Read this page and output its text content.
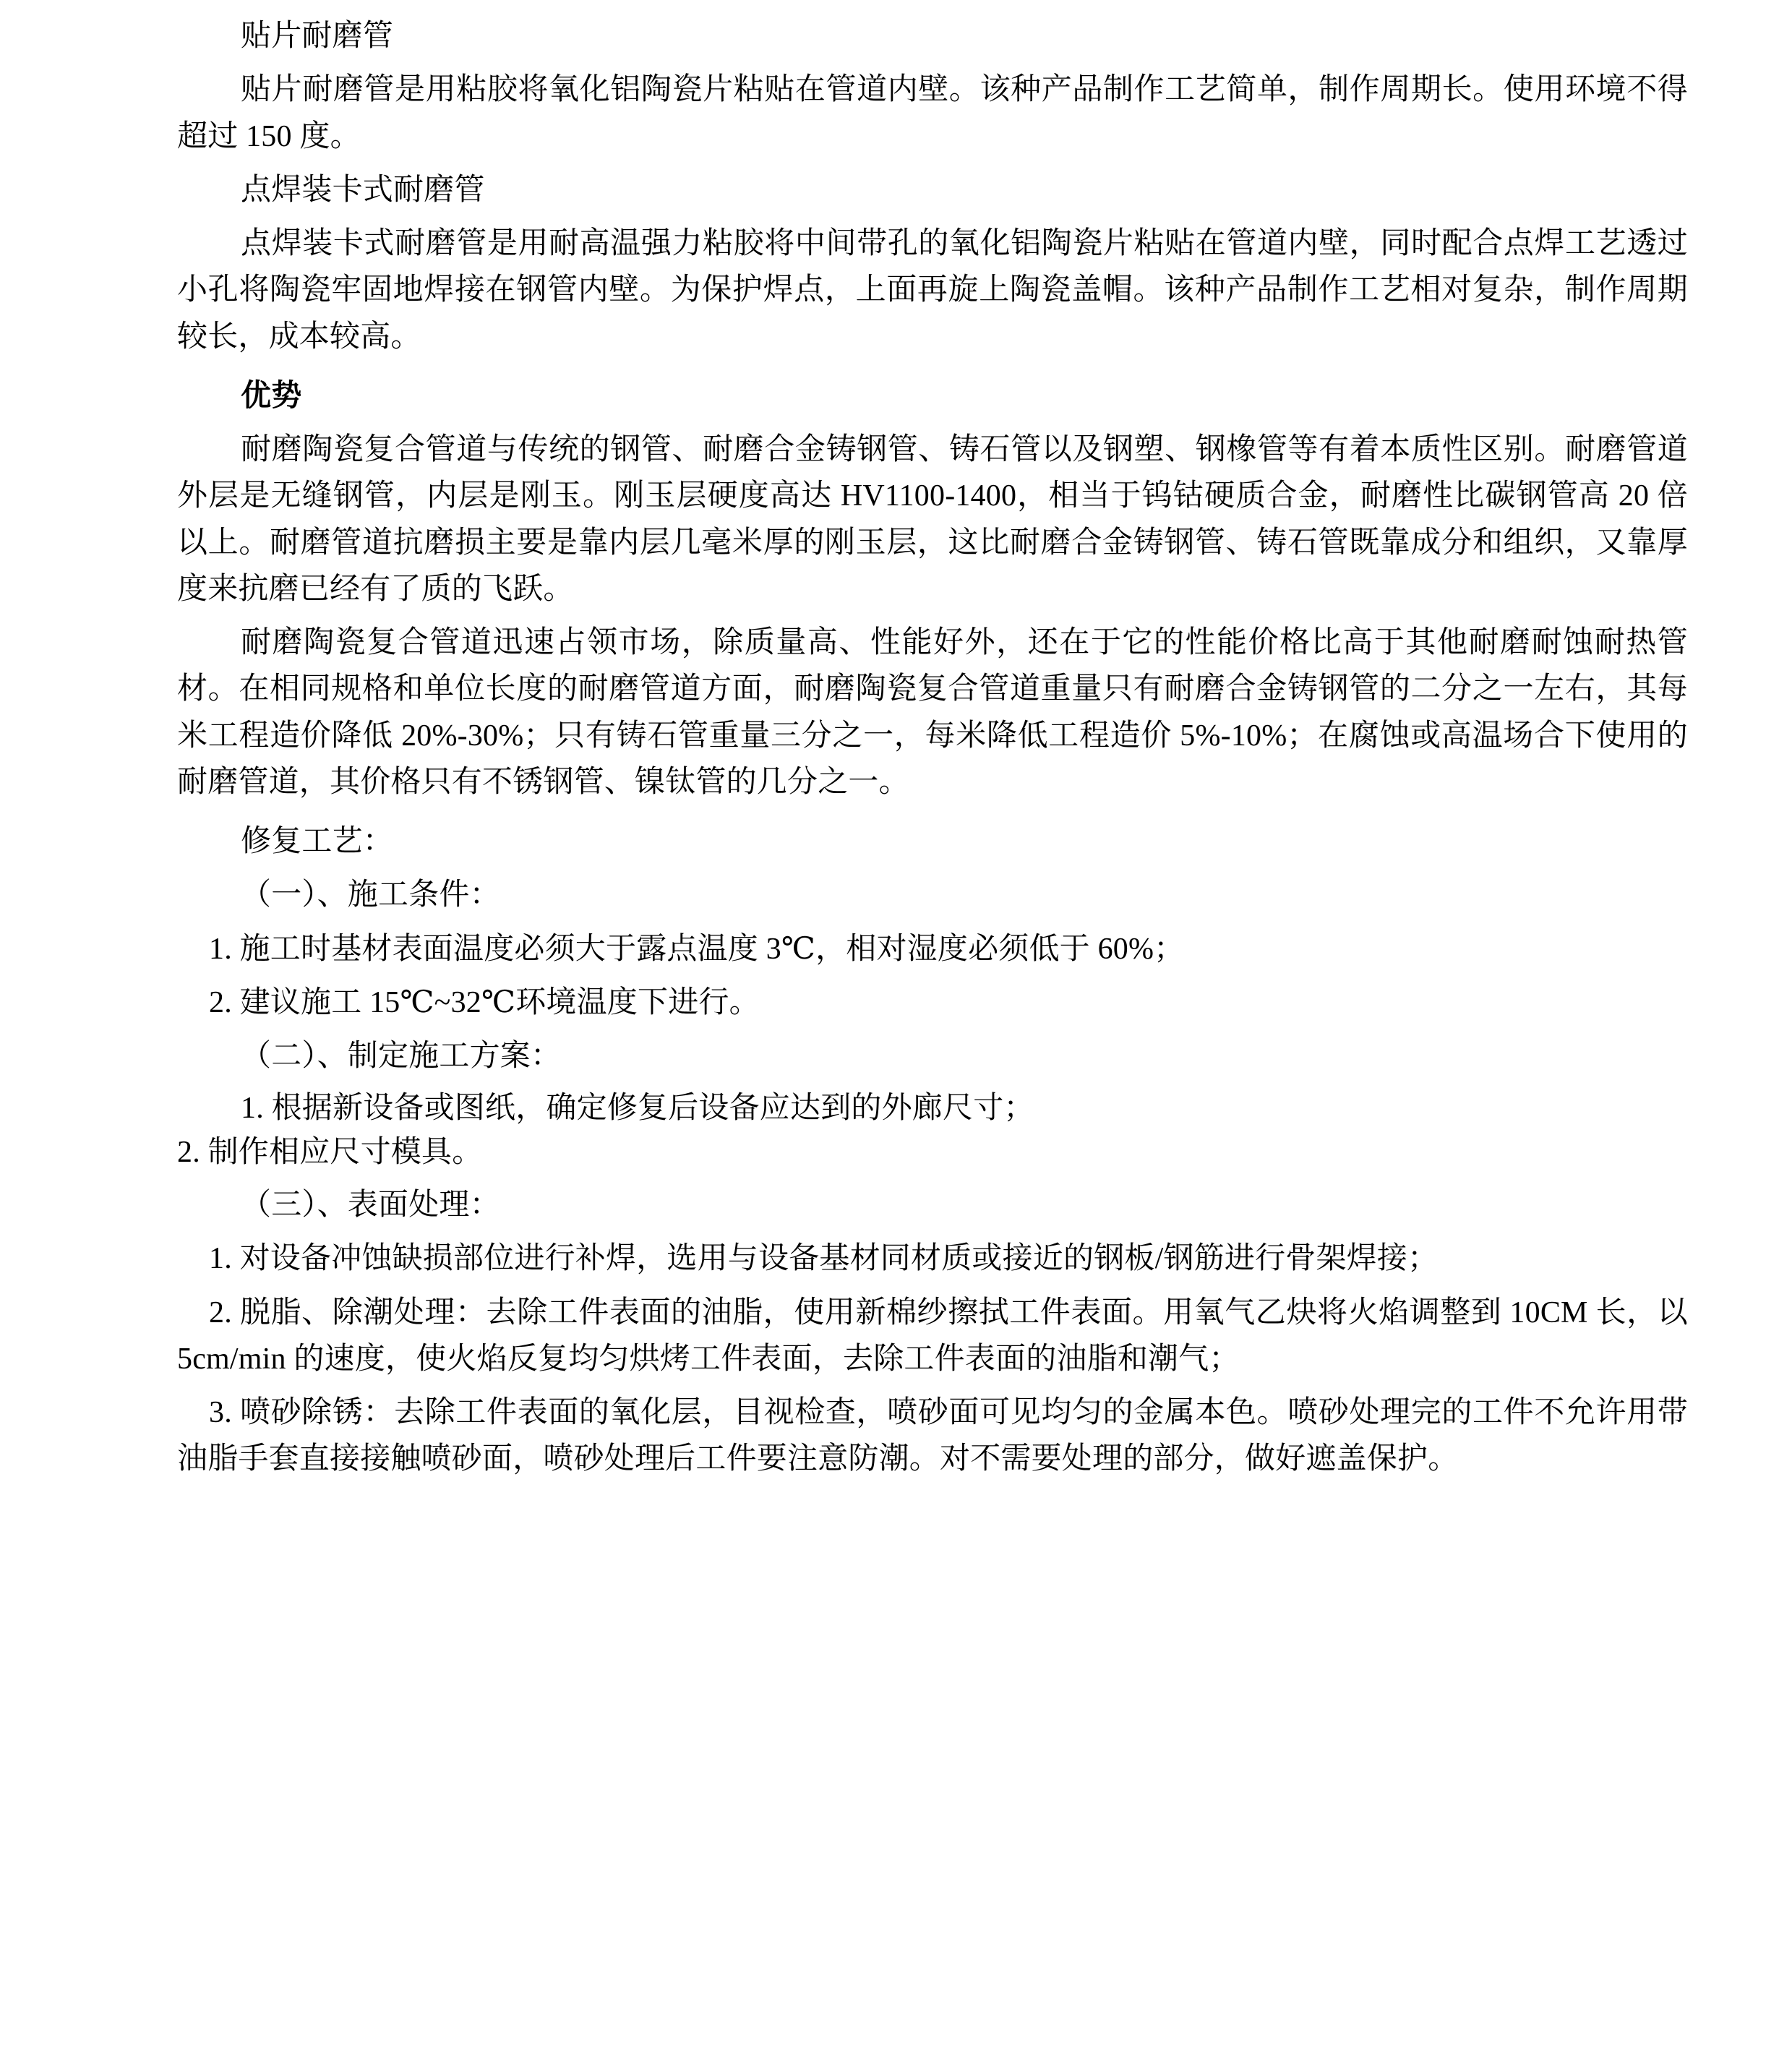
贴片耐磨管

贴片耐磨管是用粘胶将氧化铝陶瓷片粘贴在管道内壁。该种产品制作工艺简单，制作周期长。使用环境不得超过 150 度。

点焊装卡式耐磨管

点焊装卡式耐磨管是用耐高温强力粘胶将中间带孔的氧化铝陶瓷片粘贴在管道内壁，同时配合点焊工艺透过小孔将陶瓷牢固地焊接在钢管内壁。为保护焊点，上面再旋上陶瓷盖帽。该种产品制作工艺相对复杂，制作周期较长，成本较高。

优势

耐磨陶瓷复合管道与传统的钢管、耐磨合金铸钢管、铸石管以及钢塑、钢橡管等有着本质性区别。耐磨管道外层是无缝钢管，内层是刚玉。刚玉层硬度高达 HV1100-1400，相当于钨钴硬质合金，耐磨性比碳钢管高 20 倍以上。耐磨管道抗磨损主要是靠内层几毫米厚的刚玉层，这比耐磨合金铸钢管、铸石管既靠成分和组织，又靠厚度来抗磨已经有了质的飞跃。

耐磨陶瓷复合管道迅速占领市场，除质量高、性能好外，还在于它的性能价格比高于其他耐磨耐蚀耐热管材。在相同规格和单位长度的耐磨管道方面，耐磨陶瓷复合管道重量只有耐磨合金铸钢管的二分之一左右，其每米工程造价降低 20%-30%；只有铸石管重量三分之一，每米降低工程造价 5%-10%；在腐蚀或高温场合下使用的耐磨管道，其价格只有不锈钢管、镍钛管的几分之一。

修复工艺：

（一）、施工条件：

1. 施工时基材表面温度必须大于露点温度 3℃，相对湿度必须低于 60%；

2. 建议施工 15℃~32℃环境温度下进行。

（二）、制定施工方案：

1. 根据新设备或图纸，确定修复后设备应达到的外廊尺寸；

2. 制作相应尺寸模具。

（三）、表面处理：

1. 对设备冲蚀缺损部位进行补焊，选用与设备基材同材质或接近的钢板/钢筋进行骨架焊接；

2. 脱脂、除潮处理：去除工件表面的油脂，使用新棉纱擦拭工件表面。用氧气乙炔将火焰调整到 10CM 长，以 5cm/min 的速度，使火焰反复均匀烘烤工件表面，去除工件表面的油脂和潮气；

3. 喷砂除锈：去除工件表面的氧化层，目视检查，喷砂面可见均匀的金属本色。喷砂处理完的工件不允许用带油脂手套直接接触喷砂面，喷砂处理后工件要注意防潮。对不需要处理的部分，做好遮盖保护。
